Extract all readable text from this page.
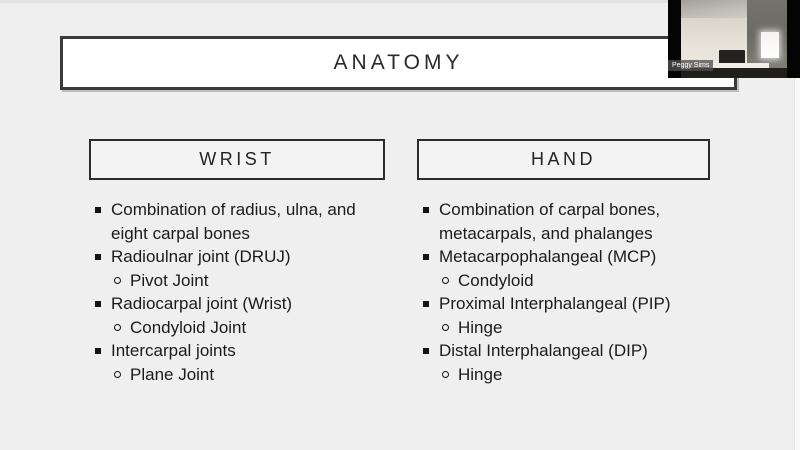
ANATOMY
WRIST	HAND
Combination of radius, ulna, and eight carpal bones
Radioulnar joint (DRUJ)
Pivot Joint
Radiocarpal joint (Wrist)
Condyloid Joint
Intercarpal joints
Plane Joint
Combination of carpal bones, metacarpals, and phalanges
Metacarpophalangeal (MCP)
Condyloid
Proximal Interphalangeal (PIP)
Hinge
Distal Interphalangeal (DIP)
Hinge
Peggy Sims
